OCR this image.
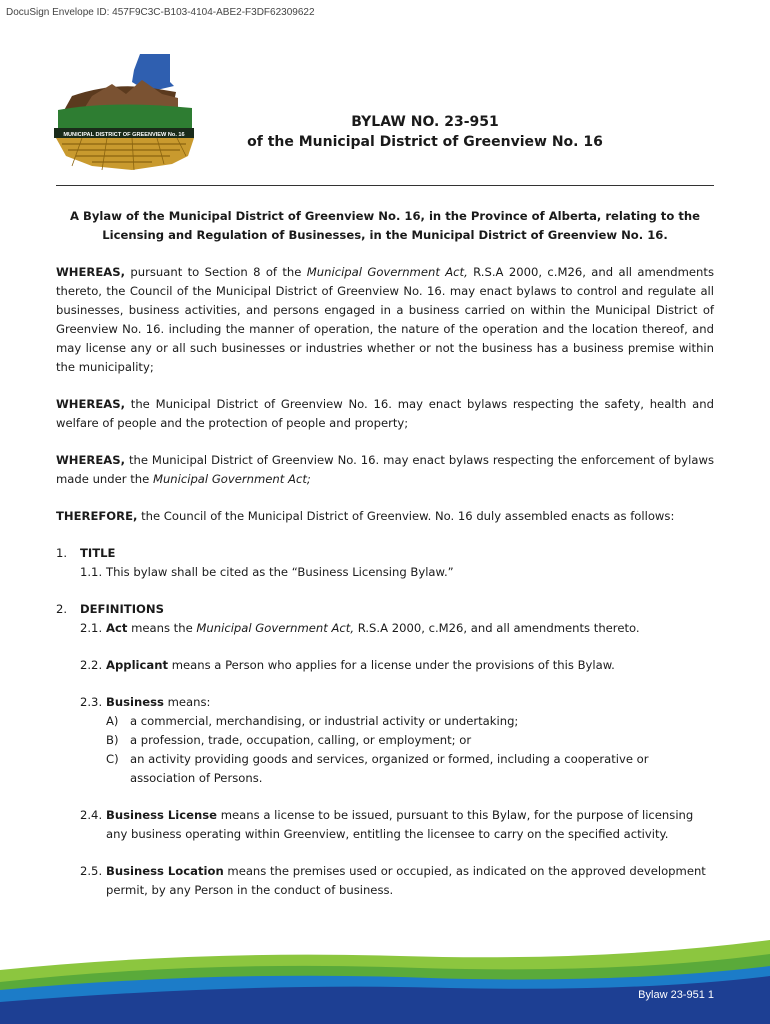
DocuSign Envelope ID: 457F9C3C-B103-4104-ABE2-F3DF62309622
MUNICIPAL DISTRICT OF GREENVIEW No. 16
BYLAW NO. 23-951
of the Municipal District of Greenview No. 16

A Bylaw of the Municipal District of Greenview No. 16, in the Province of Alberta, relating to the Licensing and Regulation of Businesses, in the Municipal District of Greenview No. 16.

WHEREAS, pursuant to Section 8 of the Municipal Government Act, R.S.A 2000, c.M26, and all amendments thereto, the Council of the Municipal District of Greenview No. 16. may enact bylaws to control and regulate all businesses, business activities, and persons engaged in a business carried on within the Municipal District of Greenview No. 16. including the manner of operation, the nature of the operation and the location thereof, and may license any or all such businesses or industries whether or not the business has a business premise within the municipality;

WHEREAS, the Municipal District of Greenview No. 16. may enact bylaws respecting the safety, health and welfare of people and the protection of people and property;

WHEREAS, the Municipal District of Greenview No. 16. may enact bylaws respecting the enforcement of bylaws made under the Municipal Government Act;

THEREFORE, the Council of the Municipal District of Greenview. No. 16 duly assembled enacts as follows:

1.	TITLE
1.1. This bylaw shall be cited as the “Business Licensing Bylaw.”
2.	DEFINITIONS
2.1. Act means the Municipal Government Act, R.S.A 2000, c.M26, and all amendments thereto.
2.2. Applicant means a Person who applies for a license under the provisions of this Bylaw.
2.3. Business means:
A) a commercial, merchandising, or industrial activity or undertaking;
B) a profession, trade, occupation, calling, or employment; or
C) an activity providing goods and services, organized or formed, including a cooperative or association of Persons.
2.4. Business License means a license to be issued, pursuant to this Bylaw, for the purpose of licensing any business operating within Greenview, entitling the licensee to carry on the specified activity.
2.5. Business Location means the premises used or occupied, as indicated on the approved development permit, by any Person in the conduct of business.
Bylaw 23-951 1
